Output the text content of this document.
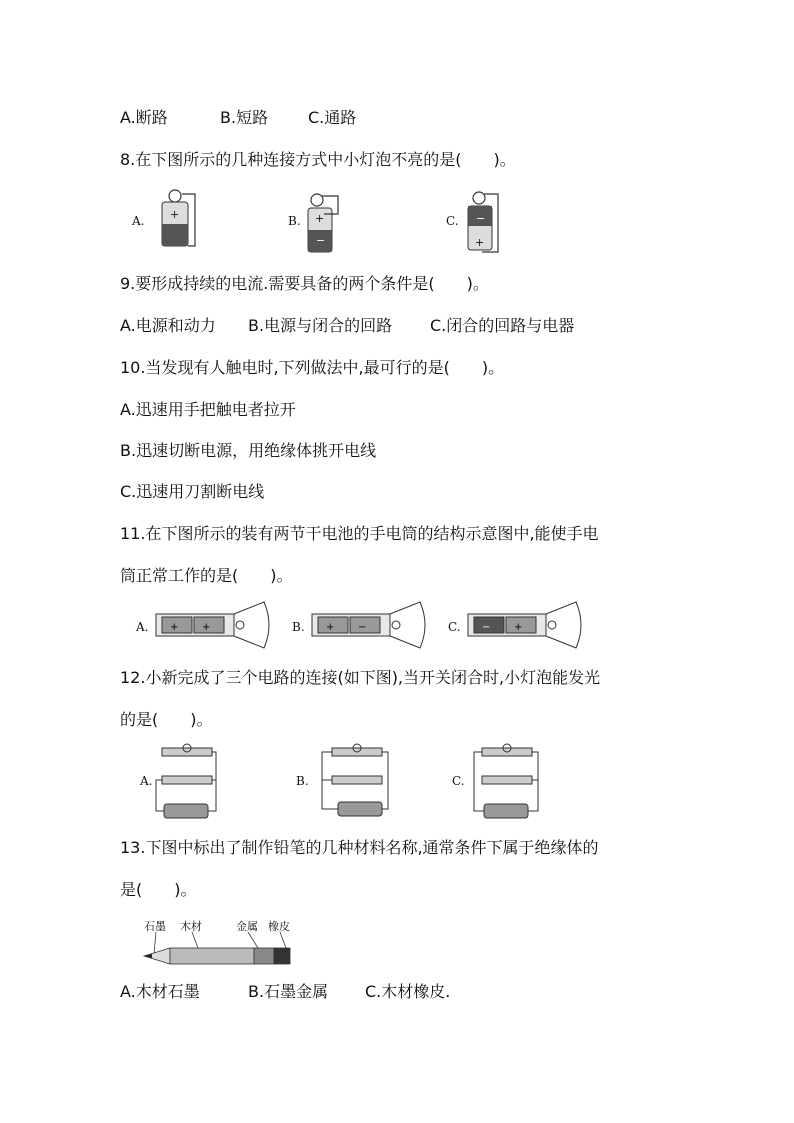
A.断路	B.短路 C.通路
8.在下图所示的几种连接方式中小灯泡不亮的是(　　)。
A. +	B. +
−
C. −
+
9.要形成持续的电流.需要具备的两个条件是(　　)。
A.电源和动力 B.电源与闭合的回路 C.闭合的回路与电器
10.当发现有人触电时,下列做法中,最可行的是(　　)。
A.迅速用手把触电者拉开
B.迅速切断电源，用绝缘体挑开电线
C.迅速用刀割断电线
11.在下图所示的装有两节干电池的手电筒的结构示意图中,能使手电
筒正常工作的是(　　)。
A. + +	B. + −	C. − +
12.小新完成了三个电路的连接(如下图),当开关闭合时,小灯泡能发光
的是(　　)。
A.	B.	C.
13.下图中标出了制作铅笔的几种材料名称,通常条件下属于绝缘体的
是(　　)。
石墨 木材	金属 橡皮
A.木材石墨	B.石墨金属 C.木材橡皮.
